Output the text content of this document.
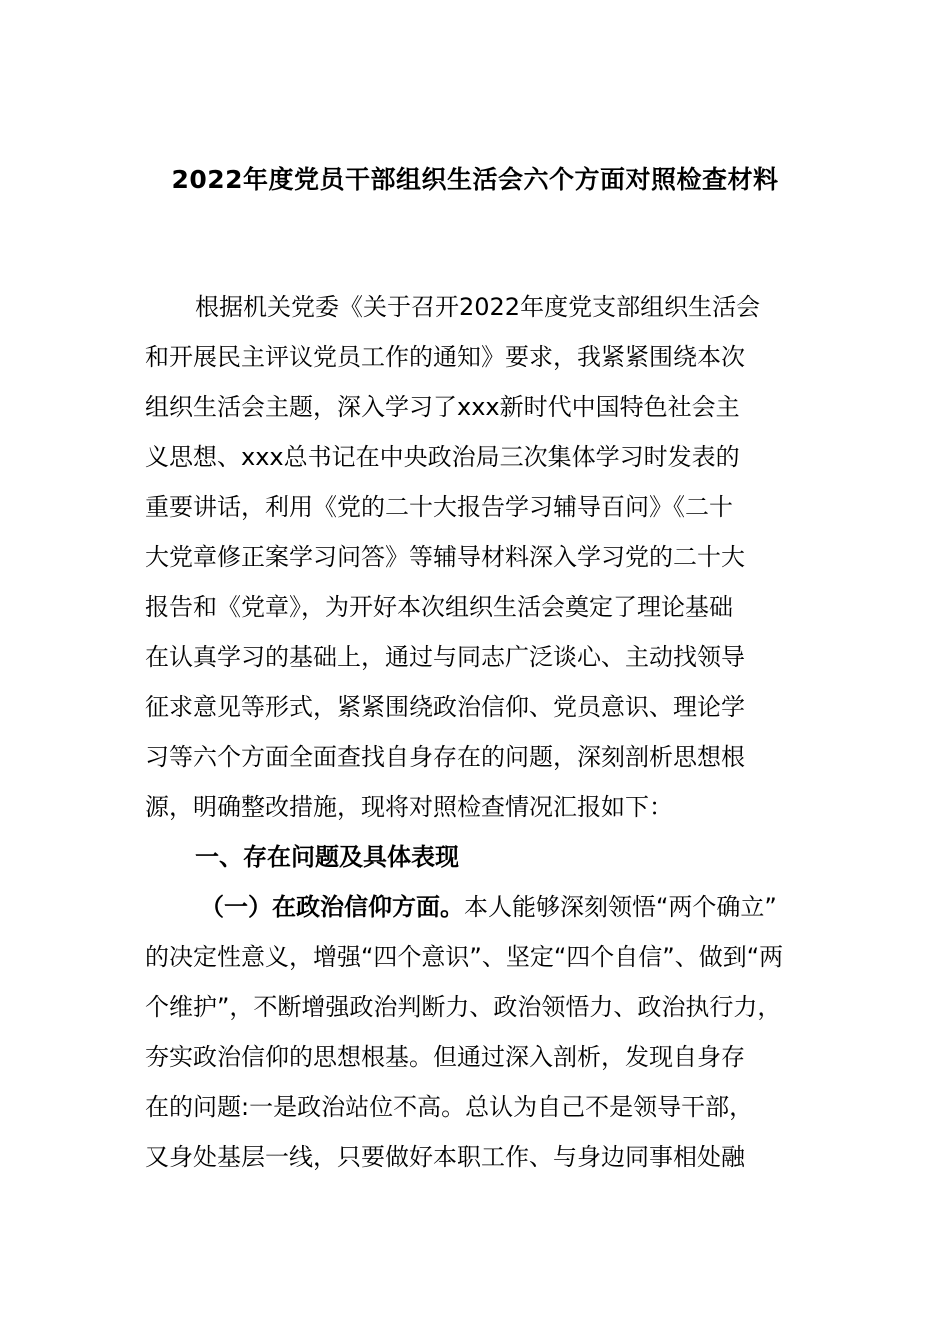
2022年度党员干部组织生活会六个方面对照检查材料
根据机关党委《关于召开2022年度党支部组织生活会
和开展民主评议党员工作的通知》要求，我紧紧围绕本次
组织生活会主题，深入学习了xxx新时代中国特色社会主
义思想、xxx总书记在中央政治局三次集体学习时发表的
重要讲话，利用《党的二十大报告学习辅导百问》《二十
大党章修正案学习问答》等辅导材料深入学习党的二十大
报告和《党章》，为开好本次组织生活会奠定了理论基础
在认真学习的基础上，通过与同志广泛谈心、主动找领导
征求意见等形式，紧紧围绕政治信仰、党员意识、理论学
习等六个方面全面查找自身存在的问题，深刻剖析思想根
源，明确整改措施，现将对照检查情况汇报如下：
一、存在问题及具体表现
（一）在政治信仰方面。本人能够深刻领悟“两个确立”
的决定性意义，增强“四个意识”、坚定“四个自信”、做到“两
个维护”，不断增强政治判断力、政治领悟力、政治执行力，
夯实政治信仰的思想根基。但通过深入剖析，发现自身存
在的问题:一是政治站位不高。总认为自己不是领导干部，
又身处基层一线，只要做好本职工作、与身边同事相处融
